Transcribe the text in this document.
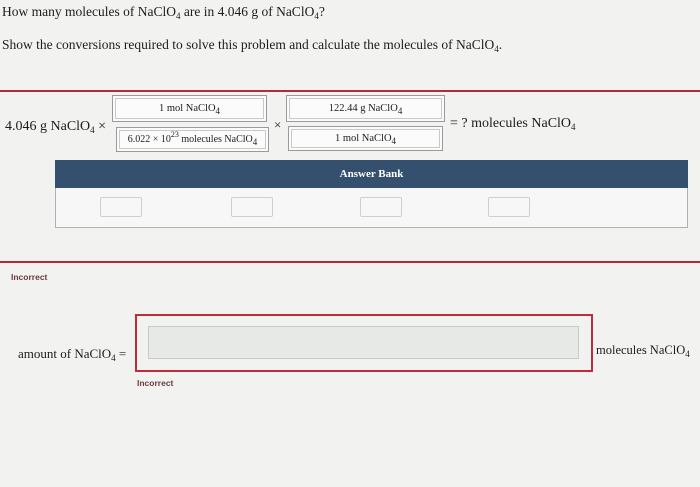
How many molecules of NaClO$_4$ are in 4.046 g of NaClO$_4$?
Show the conversions required to solve this problem and calculate the molecules of NaClO$_4$.
4.046 g NaClO$_4$ ×
1 mol NaClO$_4$
$6.022 \times 10^{23}$ molecules NaClO$_4$
×
122.44 g NaClO$_4$
1 mol NaClO$_4$
= ? molecules NaClO$_4$
Answer Bank
Incorrect
amount of NaClO$_4$ =	molecules NaClO$_4$
Incorrect
